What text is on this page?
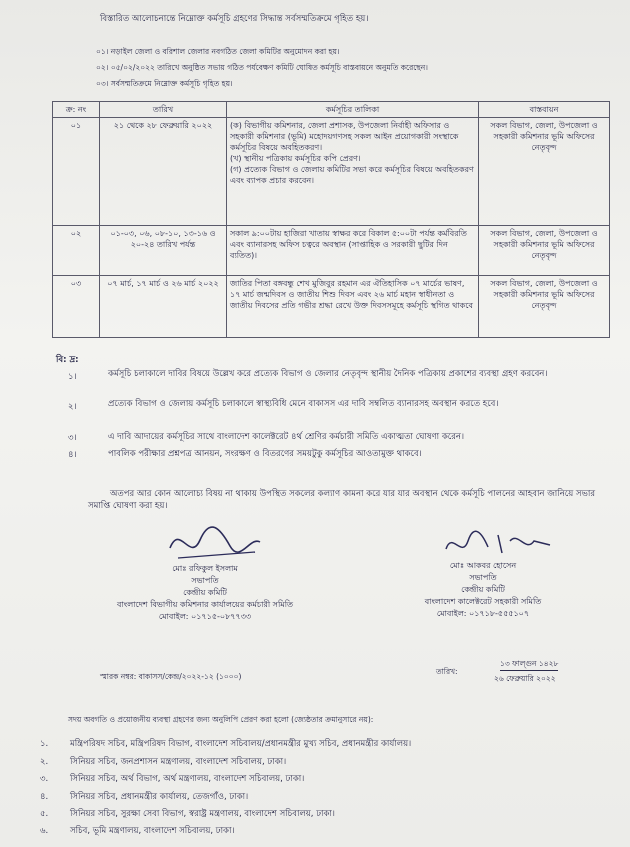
বিস্তারিত আলোচনান্তে নিম্নোক্ত কর্মসূচি গ্রহণের সিদ্ধান্ত সর্বসম্মতিক্রমে গৃহিত হয়।
০১। নড়াইল জেলা ও বরিশাল জেলার নবগঠিত জেলা কমিটির অনুমোদন করা হয়।
০২। ০৫/০২/২০২২ তারিখে অনুষ্ঠিত সভায় গঠিত পর্যবেক্ষণ কমিটি ঘোষিত কর্মসূচি বাস্তবায়নে অনুমতি করেছেন।
০৩। সর্বসম্মতিক্রমে নিম্নোক্ত কর্মসূচি গৃহিত হয়।
ক্র: নং	তারিখ	কর্মসূচির তালিকা	বাস্তবায়ন
০১	২১ থেকে ২৮ ফেব্রুয়ারি ২০২২	(ক) বিভাগীয় কমিশনার, জেলা প্রশাসক, উপজেলা নির্বাহী অফিসার ও সহকারী কমিশনার (ভূমি) মহোদয়গণসহ সকল আইন প্রয়োগকারী সংস্থাকে কর্মসূচির বিষয়ে অবহিতকরণ।
(খ) স্থানীয় পত্রিকায় কর্মসূচির কপি প্রেরণ।
(গ) প্রত্যেক বিভাগ ও জেলায় কমিটির সভা করে কর্মসূচির বিষয়ে অবহিতকরণ এবং ব্যাপক প্রচার করবেন।	সকল বিভাগ, জেলা, উপজেলা ও সহকারী কমিশনার ভূমি অফিসের নেতৃবৃন্দ
০২	০১-০৩, ০৬, ০৮-১০, ১৩-১৬ ও ২০-২৪ তারিখ পর্যন্ত	সকাল ৯:০০টায় হাজিরা খাতায় স্বাক্ষর করে বিকাল ৫:০০টা পর্যন্ত কর্মবিরতি এবং ব্যানারসহ অফিস চত্বরে অবস্থান (সাপ্তাহিক ও সরকারী ছুটির দিন ব্যতিত)।	সকল বিভাগ, জেলা, উপজেলা ও সহকারী কমিশনার ভূমি অফিসের নেতৃবৃন্দ
০৩	০৭ মার্চ, ১৭ মার্চ ও ২৬ মার্চ ২০২২	জাতির পিতা বঙ্গবন্ধু শেখ মুজিবুর রহমান এর ঐতিহাসিক ০৭ মার্চের ভাষণ, ১৭ মার্চ জন্মদিবস ও জাতীয় শিশু দিবস এবং ২৬ মার্চ মহান স্বাধীনতা ও জাতীয় দিবসের প্রতি গভীর শ্রদ্ধা রেখে উক্ত দিবসসমূহে কর্মসূচি স্থগিত থাকবে	সকল বিভাগ, জেলা, উপজেলা ও সহকারী কমিশনার ভূমি অফিসের নেতৃবৃন্দ
বি: দ্র:
১।	কর্মসূচি চলাকালে দাবির বিষয়ে উল্লেখ করে প্রত্যেক বিভাগ ও জেলার নেতৃবৃন্দ স্থানীয় দৈনিক পত্রিকায় প্রকাশের ব্যবস্থা গ্রহণ করবেন।
২।	প্রত্যেক বিভাগ ও জেলায় কর্মসূচি চলাকালে স্বাস্থ্যবিধি মেনে বাকাসস এর দাবি সম্বলিত ব্যানারসহ অবস্থান করতে হবে।
৩।	এ দাবি আদায়ের কর্মসূচির সাথে বাংলাদেশ কালেক্টরেট ৪র্থ শ্রেণির কর্মচারী সমিতি একাত্মতা ঘোষণা করেন।
৪।	পাবলিক পরীক্ষার প্রশ্নপত্র আনয়ন, সংরক্ষণ ও বিতরণের সময়টুকু কর্মসূচির আওতামুক্ত থাকবে।
অতপর আর কোন আলোচ্য বিষয় না থাকায় উপস্থিত সকলের কল্যাণ কামনা করে যার যার অবস্থান থেকে কর্মসূচি পালনের আহবান জানিয়ে সভার সমাপ্তি ঘোষণা করা হয়।
মোঃ রফিকুল ইসলাম
সভাপতি
কেন্দ্রীয় কমিটি
বাংলাদেশ বিভাগীয় কমিশনার কার্যালয়ের কর্মচারী সমিতি
মোবাইল: ০১৭১৫-০৮৭৭৩৩
মোঃ আকবর হোসেন
সভাপতি
কেন্দ্রীয় কমিটি
বাংলাদেশ কালেক্টরেট সহকারী সমিতি
মোবাইল: ০১৭১৮-৫৫৫১০৭
স্মারক নম্বর: বাকাসস/কেন্দ্র/২০২২-১২ (১০০০)
তারিখ:
১৩ ফাল্গুন ১৪২৮
২৬ ফেব্রুয়ারি ২০২২
সদয় অবগতি ও প্রয়োজনীয় ব্যবস্থা গ্রহণের জন্য অনুলিপি প্রেরণ করা হলো (জ্যেষ্ঠতার ক্রমানুসারে নয়):
১.	মন্ত্রিপরিষদ সচিব, মন্ত্রিপরিষদ বিভাগ, বাংলাদেশ সচিবালয়/প্রধানমন্ত্রীর মুখ্য সচিব, প্রধানমন্ত্রীর কার্যালয়।
২.	সিনিয়র সচিব, জনপ্রশাসন মন্ত্রণালয়, বাংলাদেশ সচিবালয়, ঢাকা।
৩.	সিনিয়র সচিব, অর্থ বিভাগ, অর্থ মন্ত্রণালয়, বাংলাদেশ সচিবালয়, ঢাকা।
৪.	সিনিয়র সচিব, প্রধানমন্ত্রীর কার্যালয়, তেজগাঁও, ঢাকা।
৫.	সিনিয়র সচিব, সুরক্ষা সেবা বিভাগ, স্বরাষ্ট্র মন্ত্রণালয়, বাংলাদেশ সচিবালয়, ঢাকা।
৬.	সচিব, ভূমি মন্ত্রণালয়, বাংলাদেশ সচিবালয়, ঢাকা।
